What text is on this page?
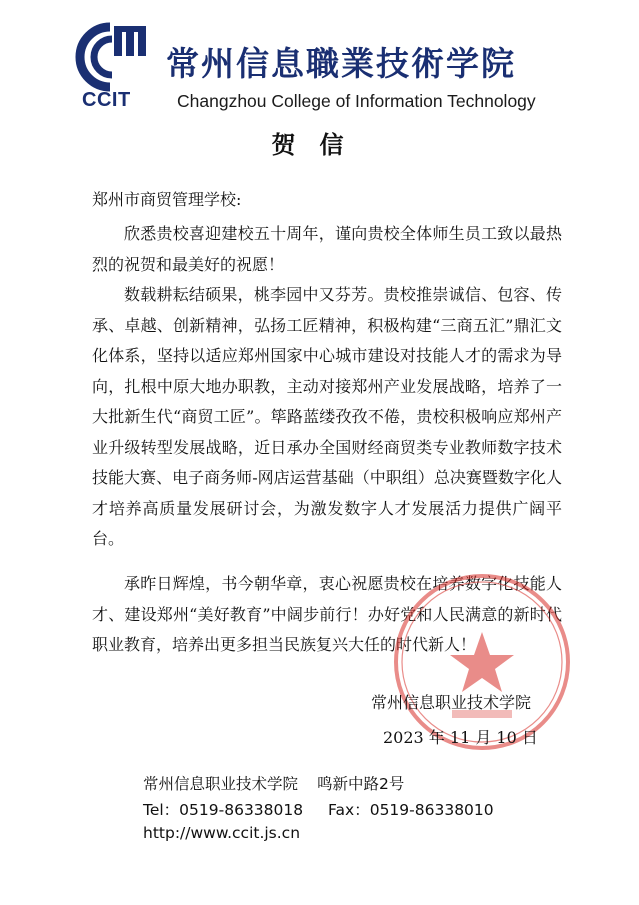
CCIT
常州信息職業技術学院
Changzhou College of Information Technology
贺信
郑州市商贸管理学校:

欣悉贵校喜迎建校五十周年，谨向贵校全体师生员工致以最热烈的祝贺和最美好的祝愿！

数载耕耘结硕果，桃李园中又芬芳。贵校推崇诚信、包容、传承、卓越、创新精神，弘扬工匠精神，积极构建“三商五汇”鼎汇文化体系，坚持以适应郑州国家中心城市建设对技能人才的需求为导向，扎根中原大地办职教，主动对接郑州产业发展战略，培养了一大批新生代“商贸工匠”。筚路蓝缕孜孜不倦，贵校积极响应郑州产业升级转型发展战略，近日承办全国财经商贸类专业教师数字技术技能大赛、电子商务师-网店运营基础（中职组）总决赛暨数字化人才培养高质量发展研讨会，为激发数字人才发展活力提供广阔平台。

承昨日辉煌，书今朝华章，衷心祝愿贵校在培养数字化技能人才、建设郑州“美好教育”中阔步前行！办好党和人民满意的新时代职业教育，培养出更多担当民族复兴大任的时代新人！

常州信息职业技术学院
2023 年 11 月 10 日
常州信息职业技术学院 鸣新中路2号
Tel：0519-86338018 Fax：0519-86338010
http://www.ccit.js.cn
